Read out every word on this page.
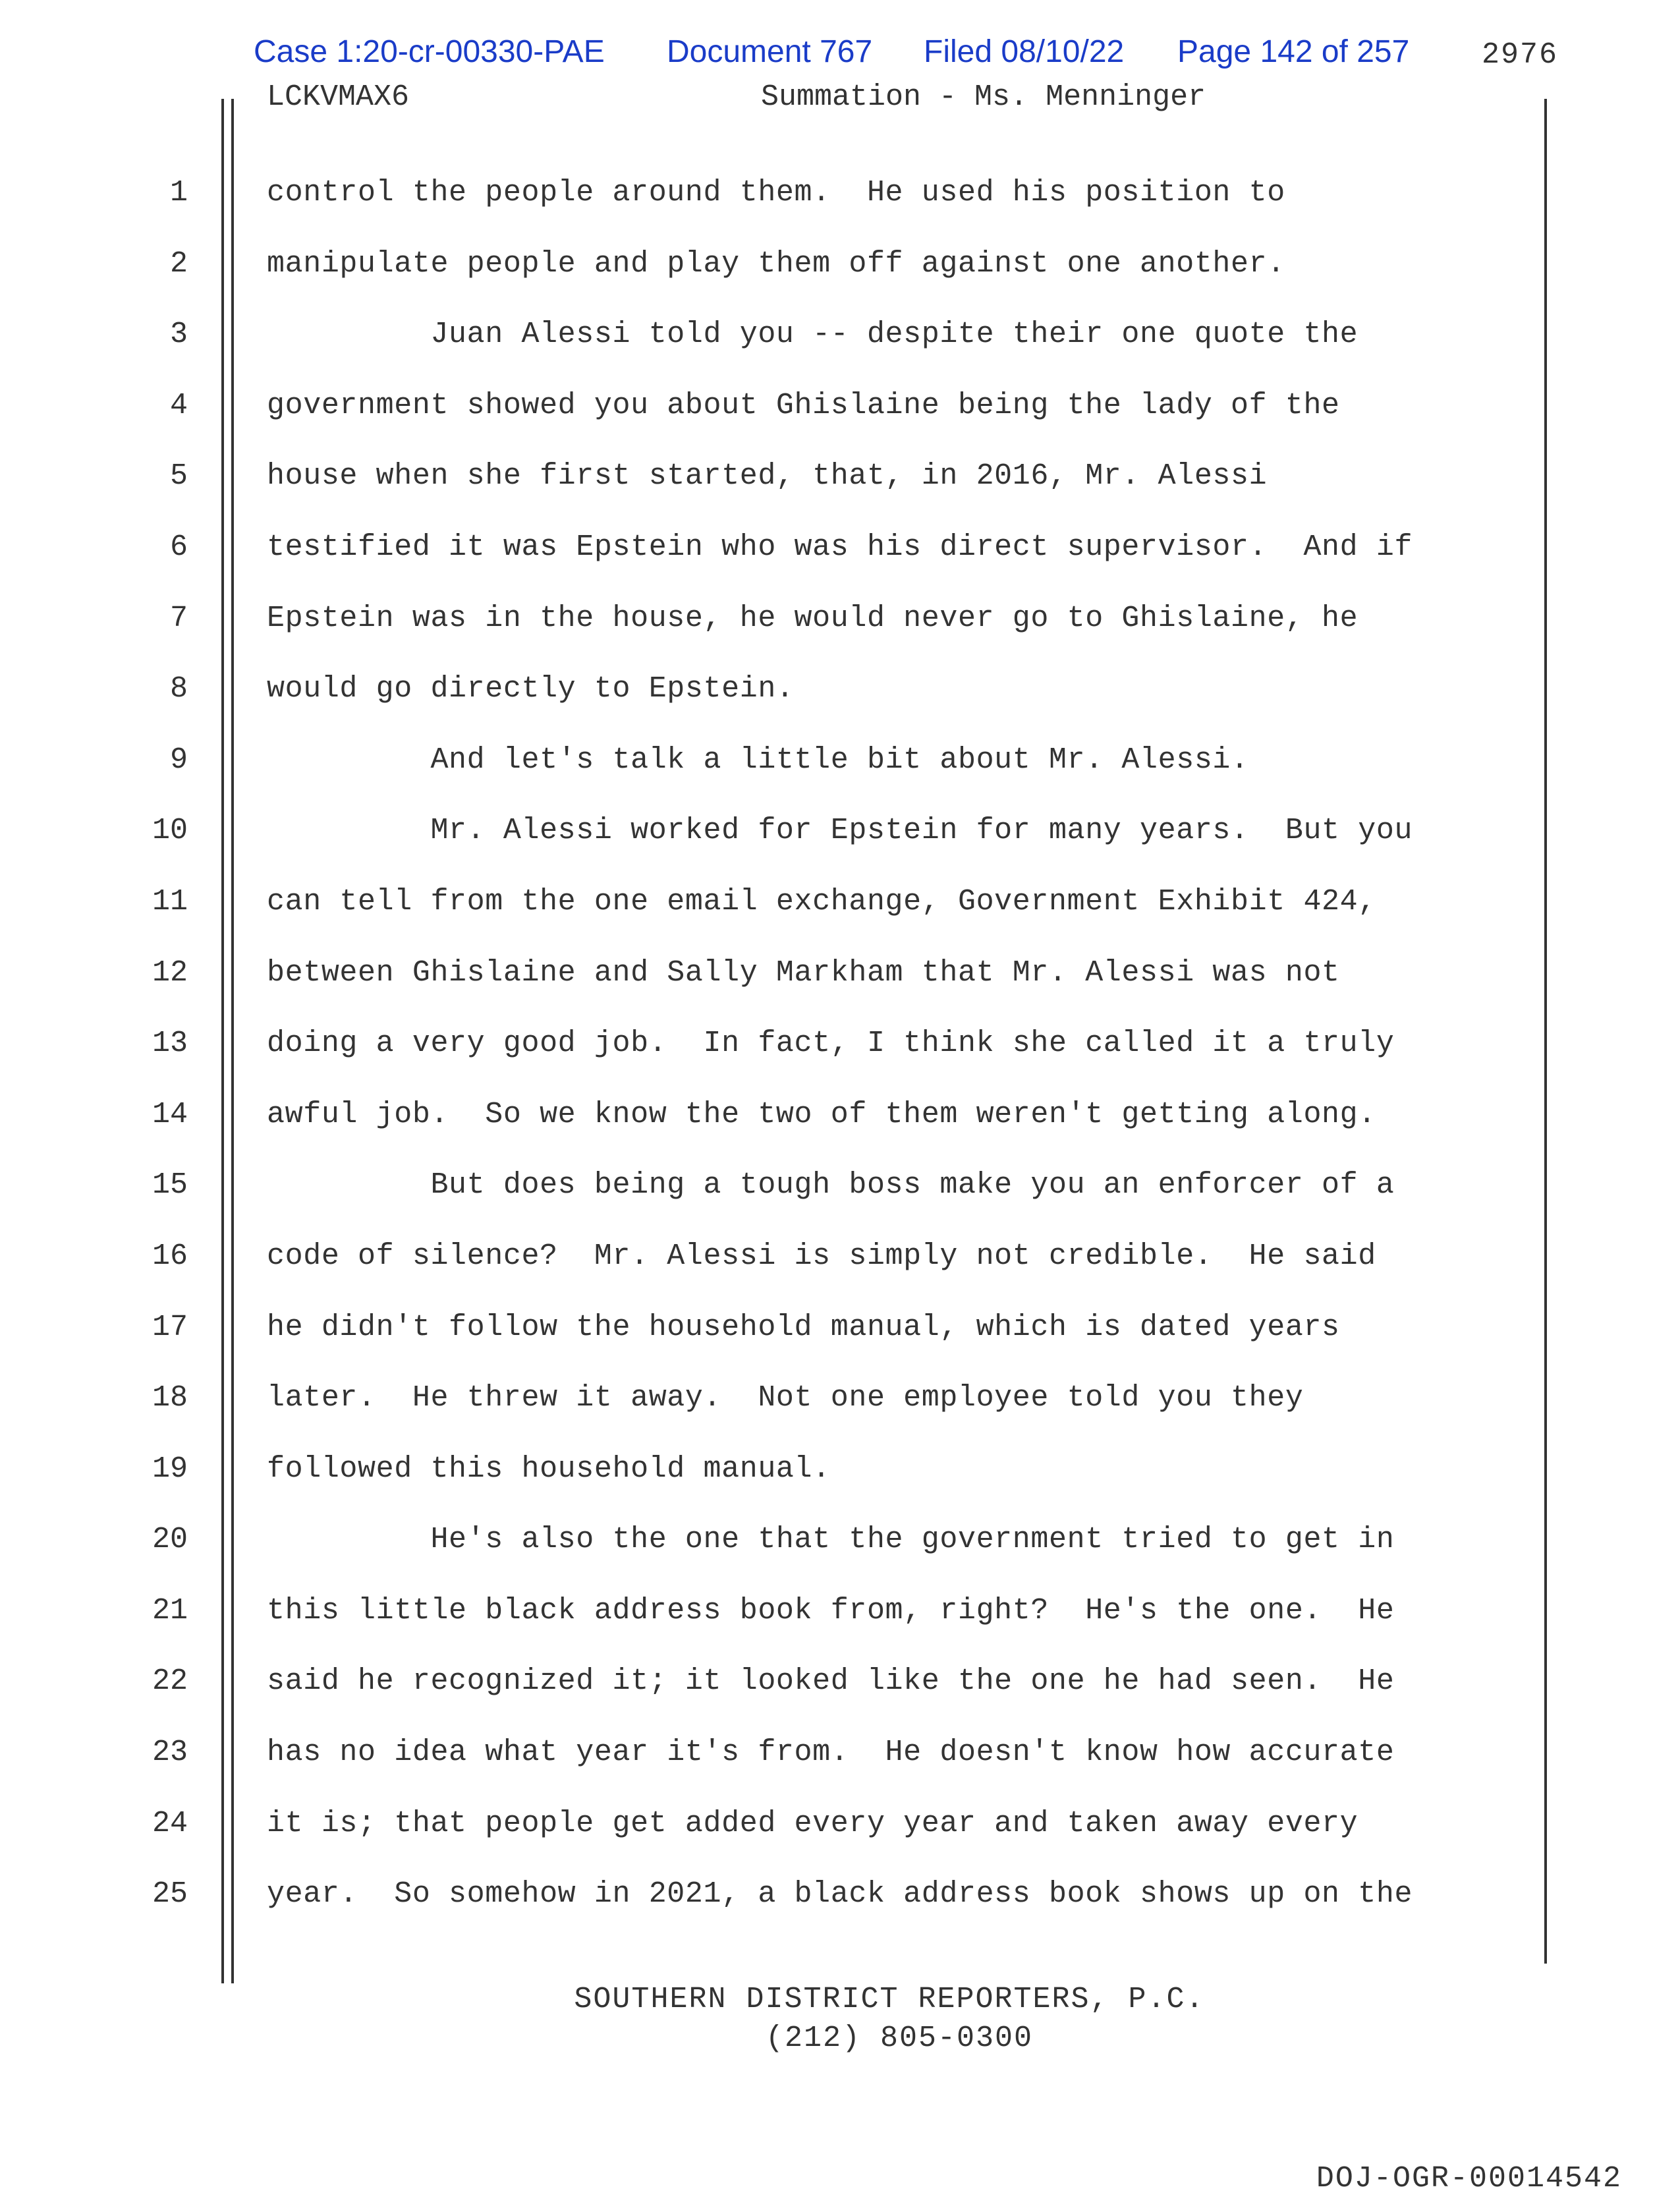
Case 1:20-cr-00330-PAE Document 767 Filed 08/10/22 Page 142 of 257 2976
LCKVMAX6	Summation - Ms. Menninger
1	control the people around them.  He used his position to
2	manipulate people and play them off against one another.
3	Juan Alessi told you -- despite their one quote the
4	government showed you about Ghislaine being the lady of the
5	house when she first started, that, in 2016, Mr. Alessi
6	testified it was Epstein who was his direct supervisor.  And if
7	Epstein was in the house, he would never go to Ghislaine, he
8	would go directly to Epstein.
9	And let's talk a little bit about Mr. Alessi.
10	Mr. Alessi worked for Epstein for many years.  But you
11	can tell from the one email exchange, Government Exhibit 424,
12	between Ghislaine and Sally Markham that Mr. Alessi was not
13	doing a very good job.  In fact, I think she called it a truly
14	awful job.  So we know the two of them weren't getting along.
15	But does being a tough boss make you an enforcer of a
16	code of silence?  Mr. Alessi is simply not credible.  He said
17	he didn't follow the household manual, which is dated years
18	later.  He threw it away.  Not one employee told you they
19	followed this household manual.
20	He's also the one that the government tried to get in
21	this little black address book from, right?  He's the one.  He
22	said he recognized it; it looked like the one he had seen.  He
23	has no idea what year it's from.  He doesn't know how accurate
24	it is; that people get added every year and taken away every
25	year.  So somehow in 2021, a black address book shows up on the
SOUTHERN DISTRICT REPORTERS, P.C.
(212) 805-0300
DOJ-OGR-00014542
